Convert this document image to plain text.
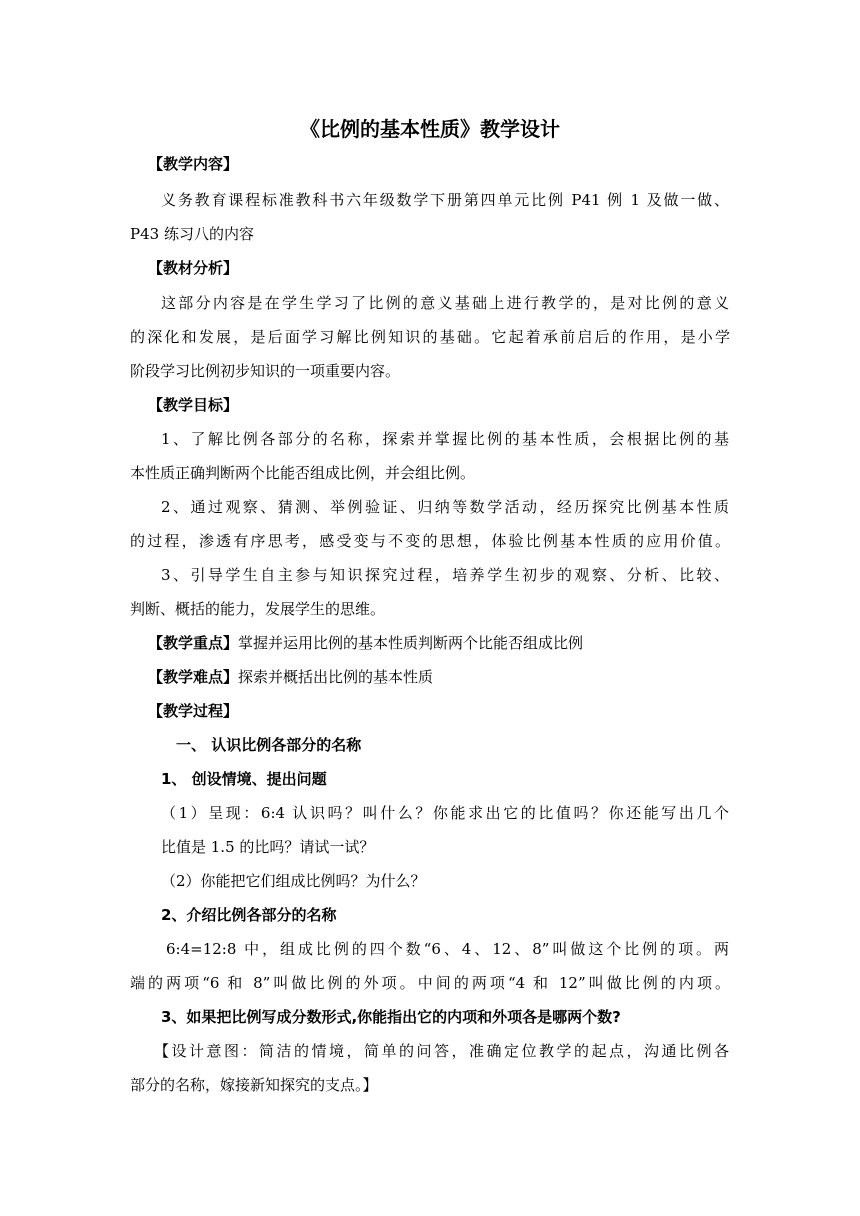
《比例的基本性质》教学设计
【教学内容】
义务教育课程标准教科书六年级数学下册第四单元比例 P41 例 1 及做一做、
P43 练习八的内容
【教材分析】
这部分内容是在学生学习了比例的意义基础上进行教学的，是对比例的意义
的深化和发展，是后面学习解比例知识的基础。它起着承前启后的作用，是小学
阶段学习比例初步知识的一项重要内容。
【教学目标】
1、了解比例各部分的名称，探索并掌握比例的基本性质，会根据比例的基
本性质正确判断两个比能否组成比例，并会组比例。
2、通过观察、猜测、举例验证、归纳等数学活动，经历探究比例基本性质
的过程，渗透有序思考，感受变与不变的思想，体验比例基本性质的应用价值。
3、引导学生自主参与知识探究过程，培养学生初步的观察、分析、比较、
判断、概括的能力，发展学生的思维。
【教学重点】掌握并运用比例的基本性质判断两个比能否组成比例
【教学难点】探索并概括出比例的基本性质
【教学过程】
一、 认识比例各部分的名称
1、 创设情境、提出问题
（1）呈现：6:4 认识吗？叫什么？你能求出它的比值吗？你还能写出几个
比值是 1.5 的比吗？请试一试？
（2）你能把它们组成比例吗？为什么？
2、介绍比例各部分的名称
6:4=12:8 中，组成比例的四个数“6、4、12、8”叫做这个比例的项。两
端的两项“6 和 8”叫做比例的外项。中间的两项“4 和 12”叫做比例的内项。
3、如果把比例写成分数形式,你能指出它的内项和外项各是哪两个数?
【设计意图：简洁的情境，简单的问答，准确定位教学的起点，沟通比例各
部分的名称，嫁接新知探究的支点。】
